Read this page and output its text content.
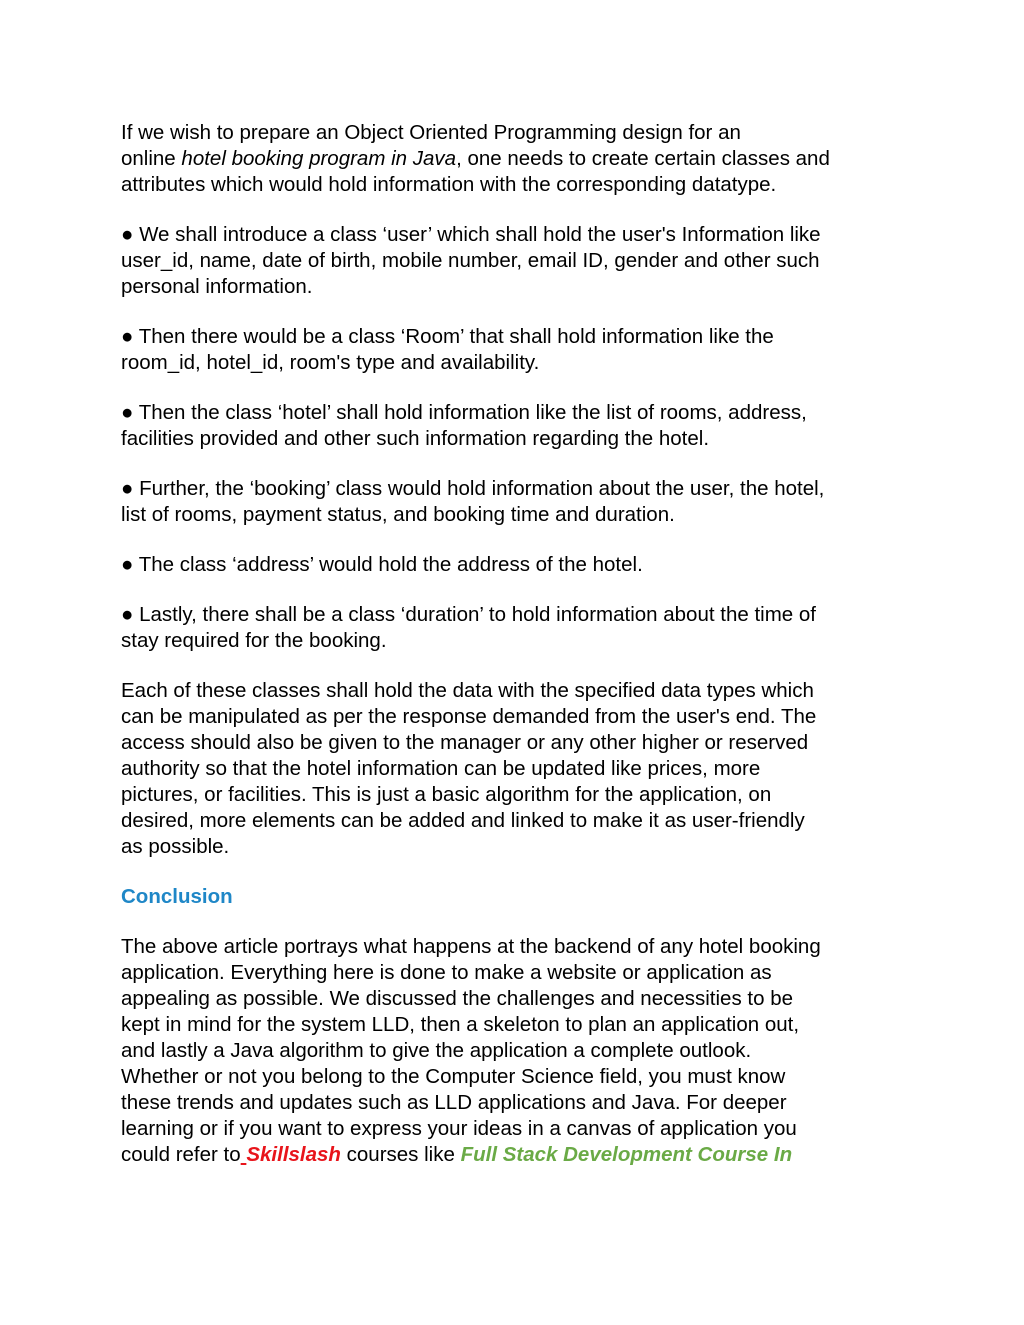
If we wish to prepare an Object Oriented Programming design for an
online hotel booking program in Java, one needs to create certain classes and
attributes which would hold information with the corresponding datatype.
● We shall introduce a class ‘user’ which shall hold the user's Information like
user_id, name, date of birth, mobile number, email ID, gender and other such
personal information.
● Then there would be a class ‘Room’ that shall hold information like the
room_id, hotel_id, room's type and availability.
● Then the class ‘hotel’ shall hold information like the list of rooms, address,
facilities provided and other such information regarding the hotel.
● Further, the ‘booking’ class would hold information about the user, the hotel,
list of rooms, payment status, and booking time and duration.
● The class ‘address’ would hold the address of the hotel.
● Lastly, there shall be a class ‘duration’ to hold information about the time of
stay required for the booking.
Each of these classes shall hold the data with the specified data types which
can be manipulated as per the response demanded from the user's end. The
access should also be given to the manager or any other higher or reserved
authority so that the hotel information can be updated like prices, more
pictures, or facilities. This is just a basic algorithm for the application, on
desired, more elements can be added and linked to make it as user-friendly
as possible.
Conclusion
The above article portrays what happens at the backend of any hotel booking
application. Everything here is done to make a website or application as
appealing as possible. We discussed the challenges and necessities to be
kept in mind for the system LLD, then a skeleton to plan an application out,
and lastly a Java algorithm to give the application a complete outlook.
Whether or not you belong to the Computer Science field, you must know
these trends and updates such as LLD applications and Java. For deeper
learning or if you want to express your ideas in a canvas of application you
could refer to Skillslash courses like Full Stack Development Course In
